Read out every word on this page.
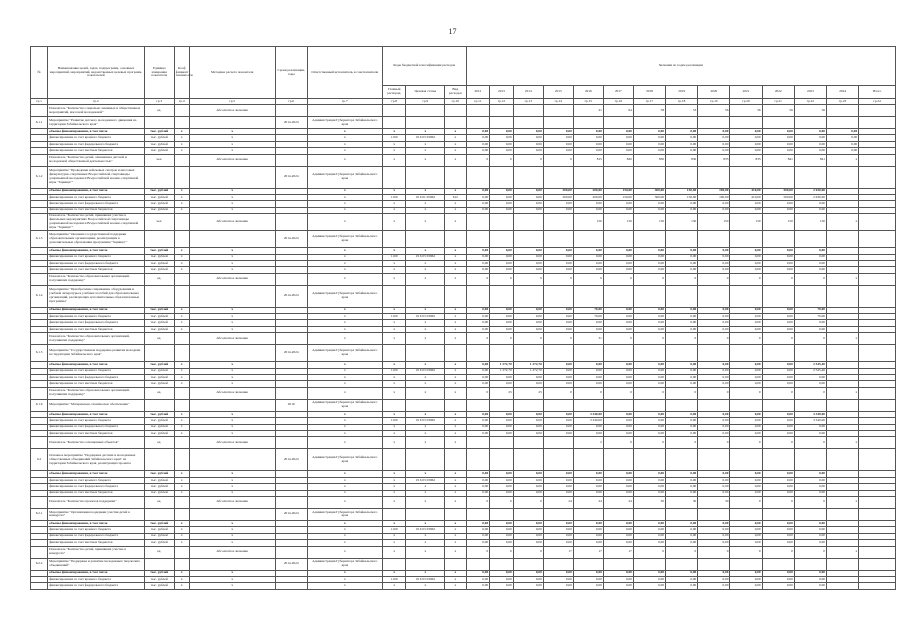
17
№	Наименование целей, задач, подпрограмм, основных мероприятий, мероприятий, ведомственных целевых программ, показателей	Единица измерения показателя	Коэф фициент значимости	Методика расчета показателя	Сроки реализации, годы	Ответственный исполнитель и соисполнители	Коды бюджетной классификации расходов			Значения по годам реализации													
							Главный распоряд.	Целевая статья	Вид расходов	2012	2013	2014	2015	2016	2017	2018	2019	2020	2021	2022	2023	2024	Итого
гр.1	гр.2	гр.3	гр.4	гр.5	гр.6	гр.7	гр.8	гр.9	гр.10	гр.11	гр.12	гр.13	гр.14	гр.15	гр.16	гр.17	гр.18	гр.19	гр.20	гр.21	гр.22	гр.23	гр.24
	Показатель "Количество социально значимых и общественных мероприятий, массовой молодежной"	ед.		Абсолютное значение										41	64	58	53	56	56	56	56		
6.1.1	Мероприятие "Развитие детского молодежного движения на территории Забайкальского края"				2014-2024	Администрация Губернатора Забайкальского края																	
	объемы финансирования, в том числе	тыс. рублей	x	x		x	x	x	x	0,00	0,00	0,00	0,00	0,00	0,00	0,00	0,00	0,00	0,00	0,00	0,00	0,00	
	финансирование за счет краевого бюджета	тыс. рублей	x	x		x	1100	19 6 03 03962	x	0,00	0,00	0,00	0,00	0,00	0,00	0,00	0,00	0,00	0,00	0,00	0,00	0,00	
	финансирование за счет федерального бюджета	тыс. рублей	x	x		x	x	x	x	0,00	0,00	0,00	0,00	0,00	0,00	0,00	0,00	0,00	0,00	0,00	0,00	0,00	
	финансирование за счет местных бюджетов	тыс. рублей	x	x		x	x	x	x	0,00	0,00	0,00	0,00	0,00	0,00	0,00	0,00	0,00	0,00	0,00	0,00	0,00	
	Показатель "Количество детей, охваченных детской и молодежной общественной деятельностью"	чел.		Абсолютное значение		x	x	x	x	0	0	0	0	815	820	830	830	835	835	841	841	x	
6.1.2	Мероприятие "Проведение войсковых смотров и массовых физкультурно-спортивных Всероссийской спартакиады допризывной молодежи и Всероссийской военно-спортивной игры "Зарница""				2014-2024	Администрация Губернатора Забайкальского края																	
	объемы финансирования, в том числе	тыс. рублей	x	x		x	x	x	x	0,00	0,00	0,00	200,00	200,00	150,00	300,00	150,00	190,00	410,00	500,00	2 630,00		
	финансирование за счет краевого бюджета	тыс. рублей	x	x		x	1100	19 6 01 05962	612	0,00	0,00	0,00	200,00	200,00	150,00	300,00	150,00	190,00	410,00	500,00	2 630,00		
	финансирование за счет федерального бюджета	тыс. рублей	x	x		x	x	x	x	0,00	0,00	0,00	0,00	0,00	0,00	0,00	0,00	0,00	0,00	0,00	0,00		
	финансирование за счет местных бюджетов	тыс. рублей	x	x		x	x	x	x	0,00	0,00	0,00	0,00	0,00	0,00	0,00	0,00	0,00	0,00	0,00	0,00		
	Показатель "Количество детей, принявших участие в финальных мероприятиях Всероссийской спартакиады допризывной молодежи и Всероссийской военно-спортивной игры "Зарница""	чел.		Абсолютное значение		x	x	x	x					150	150	150	150	150	150	150	150	x	
6.1.3	Мероприятие "Оказание государственной поддержки образовательным организациям, реализующим в дополнительные образования программам "Зарница""				2014-2024	Администрация Губернатора Забайкальского края																	
	объемы финансирования, в том числе	тыс. рублей	x	x		x	x	x	x	0,00	0,00	0,00	0,00	0,00	0,00	0,00	0,00	0,00	0,00	0,00	0,00		
	финансирование за счет краевого бюджета	тыс. рублей	x	x		x	1100	19 6 03 03962	x	0,00	0,00	0,00	0,00	0,00	0,00	0,00	0,00	0,00	0,00	0,00	0,00		
	финансирование за счет федерального бюджета	тыс. рублей	x	x		x	x	x	x	0,00	0,00	0,00	0,00	0,00	0,00	0,00	0,00	0,00	0,00	0,00	0,00		
	финансирование за счет местных бюджетов	тыс. рублей	x	x		x	x	x	x	0,00	0,00	0,00	0,00	0,00	0,00	0,00	0,00	0,00	0,00	0,00	0,00		
	Показатель "Количество образовательных организаций, получивших поддержку"	ед.		Абсолютное значение		x	x	x	x	0	0	0	0	0	0	0	0	0	0	0	0	x	
6.1.4	Мероприятие "Приобретение снаряжения, оборудования и учебной литературы и учебных пособий для образовательных организаций, реализующих дополнительные образовательные программы"				2014-2024	Администрация Губернатора Забайкальского края																	
	объемы финансирования, в том числе	тыс. рублей	x	x		x	x	x	x	0,00	0,00	0,00	0,00	70,00	0,00	0,00	0,00	0,00	0,00	0,00	70,00		
	финансирование за счет краевого бюджета	тыс. рублей	x	x		x	1100	19 6 03 03962	x	0,00	0,00	0,00	0,00	70,00	0,00	0,00	0,00	0,00	0,00	0,00	70,00		
	финансирование за счет федерального бюджета	тыс. рублей	x	x		x	x	x	x	0,00	0,00	0,00	0,00	0,00	0,00	0,00	0,00	0,00	0,00	0,00	0,00		
	финансирование за счет местных бюджетов	тыс. рублей	x	x		x	x	x	x	0,00	0,00	0,00	0,00	0,00	0,00	0,00	0,00	0,00	0,00	0,00	0,00		
	Показатель "Количество образовательных организаций, получивших поддержку"	ед.		Абсолютное значение		x	x	x	x	0	0	0	0	31	0	0	0	0	0	0	0	x	
6.1.5	Мероприятие "Государственная поддержка развития молодежи на территории Забайкальского края"				2014-2024	Администрация Губернатора Забайкальского края																	
	объемы финансирования, в том числе	тыс. рублей	x	x		x	x	x	x	0,00	1 272,70	1 272,70	0,00	0,00	0,00	0,00	0,00	0,00	0,00	0,00	2 545,40		
	финансирование за счет краевого бюджета	тыс. рублей	x	x		x	1100	19 6 03 03962	x	0,00	1 272,70	1 272,70	0,00	0,00	0,00	0,00	0,00	0,00	0,00	0,00	2 545,40		
	финансирование за счет федерального бюджета	тыс. рублей	x	x		x	x	x	x	0,00	0,00	0,00	0,00	0,00	0,00	0,00	0,00	0,00	0,00	0,00	0,00		
	финансирование за счет местных бюджетов	тыс. рублей	x	x		x	x	x	x	0,00	0,00	0,00	0,00	0,00	0,00	0,00	0,00	0,00	0,00	0,00	0,00		
	Показатель "Количество образовательных организаций, получивших поддержку"	ед.		Абсолютное значение		x	x	x	x	0	25	25	0	0	0	0	0	0	0	0	0	x	
6.1.6	Мероприятие "Материально-техническое обеспечение"				2019	Администрация Губернатора Забайкальского края																	
	объемы финансирования, в том числе	тыс. рублей	x	x		x	x	x	x	0,00	0,00	0,00	0,00	3 340,00	0,00	0,00	0,00	0,00	0,00	0,00	3 340,00		
	финансирование за счет краевого бюджета	тыс. рублей	x	x		x	1100	19 6 03 03962	x	0,00	0,00	0,00	0,00	3 340,00	0,00	0,00	0,00	0,00	0,00	0,00	3 340,00		
	финансирование за счет федерального бюджета	тыс. рублей	x	x		x	x	x	x	0,00	0,00	0,00	0,00	0,00	0,00	0,00	0,00	0,00	0,00	0,00	0,00		
	финансирование за счет местных бюджетов	тыс. рублей	x	x		x	x	x	x	0,00	0,00	0,00	0,00	0,00	0,00	0,00	0,00	0,00	0,00	0,00	0,00		
	Показатель "Количество оснащенных объектов"	ед.		Абсолютное значение		x	x	x	x					2	0	0	0	0	0	0	0	x	
6.2	Основное мероприятие "Поддержка детских и молодежных общественных объединений Забайкальского края" на территории Забайкальского края, реализующих проекты				2014-2024	Администрация Губернатора Забайкальского края																	
	объемы финансирования, в том числе	тыс. рублей	x	x		x	x	x	x	0,00	0,00	0,00	0,00	0,00	0,00	0,00	0,00	0,00	0,00	0,00	0,00		
	финансирование за счет краевого бюджета	тыс. рублей	x	x		x	x	19 6 03 03962	x	0,00	0,00	0,00	0,00	0,00	0,00	0,00	0,00	0,00	0,00	0,00	0,00		
	финансирование за счет федерального бюджета	тыс. рублей	x	x		x	x	x	x	0,00	0,00	0,00	0,00	0,00	0,00	0,00	0,00	0,00	0,00	0,00	0,00		
	финансирование за счет местных бюджетов	тыс. рублей	x	x		x	x	x	x	0,00	0,00	0,00	0,00	0,00	0,00	0,00	0,00	0,00	0,00	0,00	0,00		
	Показатель "Количество проектов поддержки"	ед.		Абсолютное значение		x	x	x	x	0	0	0	24	24	24	30	30	30	0	0	0	x	
6.2.1	Мероприятие "Организация поддержки участия детей в конкурсах"				2014-2024	Администрация Губернатора Забайкальского края																	
	объемы финансирования, в том числе	тыс. рублей	x	x		x	x	x	x	0,00	0,00	0,00	0,00	0,00	0,00	0,00	0,00	0,00	0,00	0,00	0,00		
	финансирование за счет краевого бюджета	тыс. рублей	x	x		x	1100	19 6 03 03962	x	0,00	0,00	0,00	0,00	0,00	0,00	0,00	0,00	0,00	0,00	0,00	0,00		
	финансирование за счет федерального бюджета	тыс. рублей	x	x		x	x	x	x	0,00	0,00	0,00	0,00	0,00	0,00	0,00	0,00	0,00	0,00	0,00	0,00		
	финансирование за счет местных бюджетов	тыс. рублей	x	x		x	x	x	x	0,00	0,00	0,00	0,00	0,00	0,00	0,00	0,00	0,00	0,00	0,00	0,00		
	Показатель "Количество детей, принявших участие в конкурсах"	ед.		Абсолютное значение		x	x	x	x	0	0	0	17	17	17	0	0	0	0	0	0	x	
6.2.2	Мероприятие "Поддержка и развитие молодежных творческих объединений"				2014-2024	Администрация Губернатора Забайкальского края																	
	объемы финансирования, в том числе	тыс. рублей	x	x		x	x	x	x	0,00	0,00	0,00	0,00	0,00	0,00	0,00	0,00	0,00	0,00	0,00	0,00		
	финансирование за счет краевого бюджета	тыс. рублей	x	x		x	1100	19 6 03 03962	x	0,00	0,00	0,00	0,00	0,00	0,00	0,00	0,00	0,00	0,00	0,00	0,00		
	финансирование за счет федерального бюджета	тыс. рублей	x	x		x	x	x	x	0,00	0,00	0,00	0,00	0,00	0,00	0,00	0,00	0,00	0,00	0,00	0,00		
